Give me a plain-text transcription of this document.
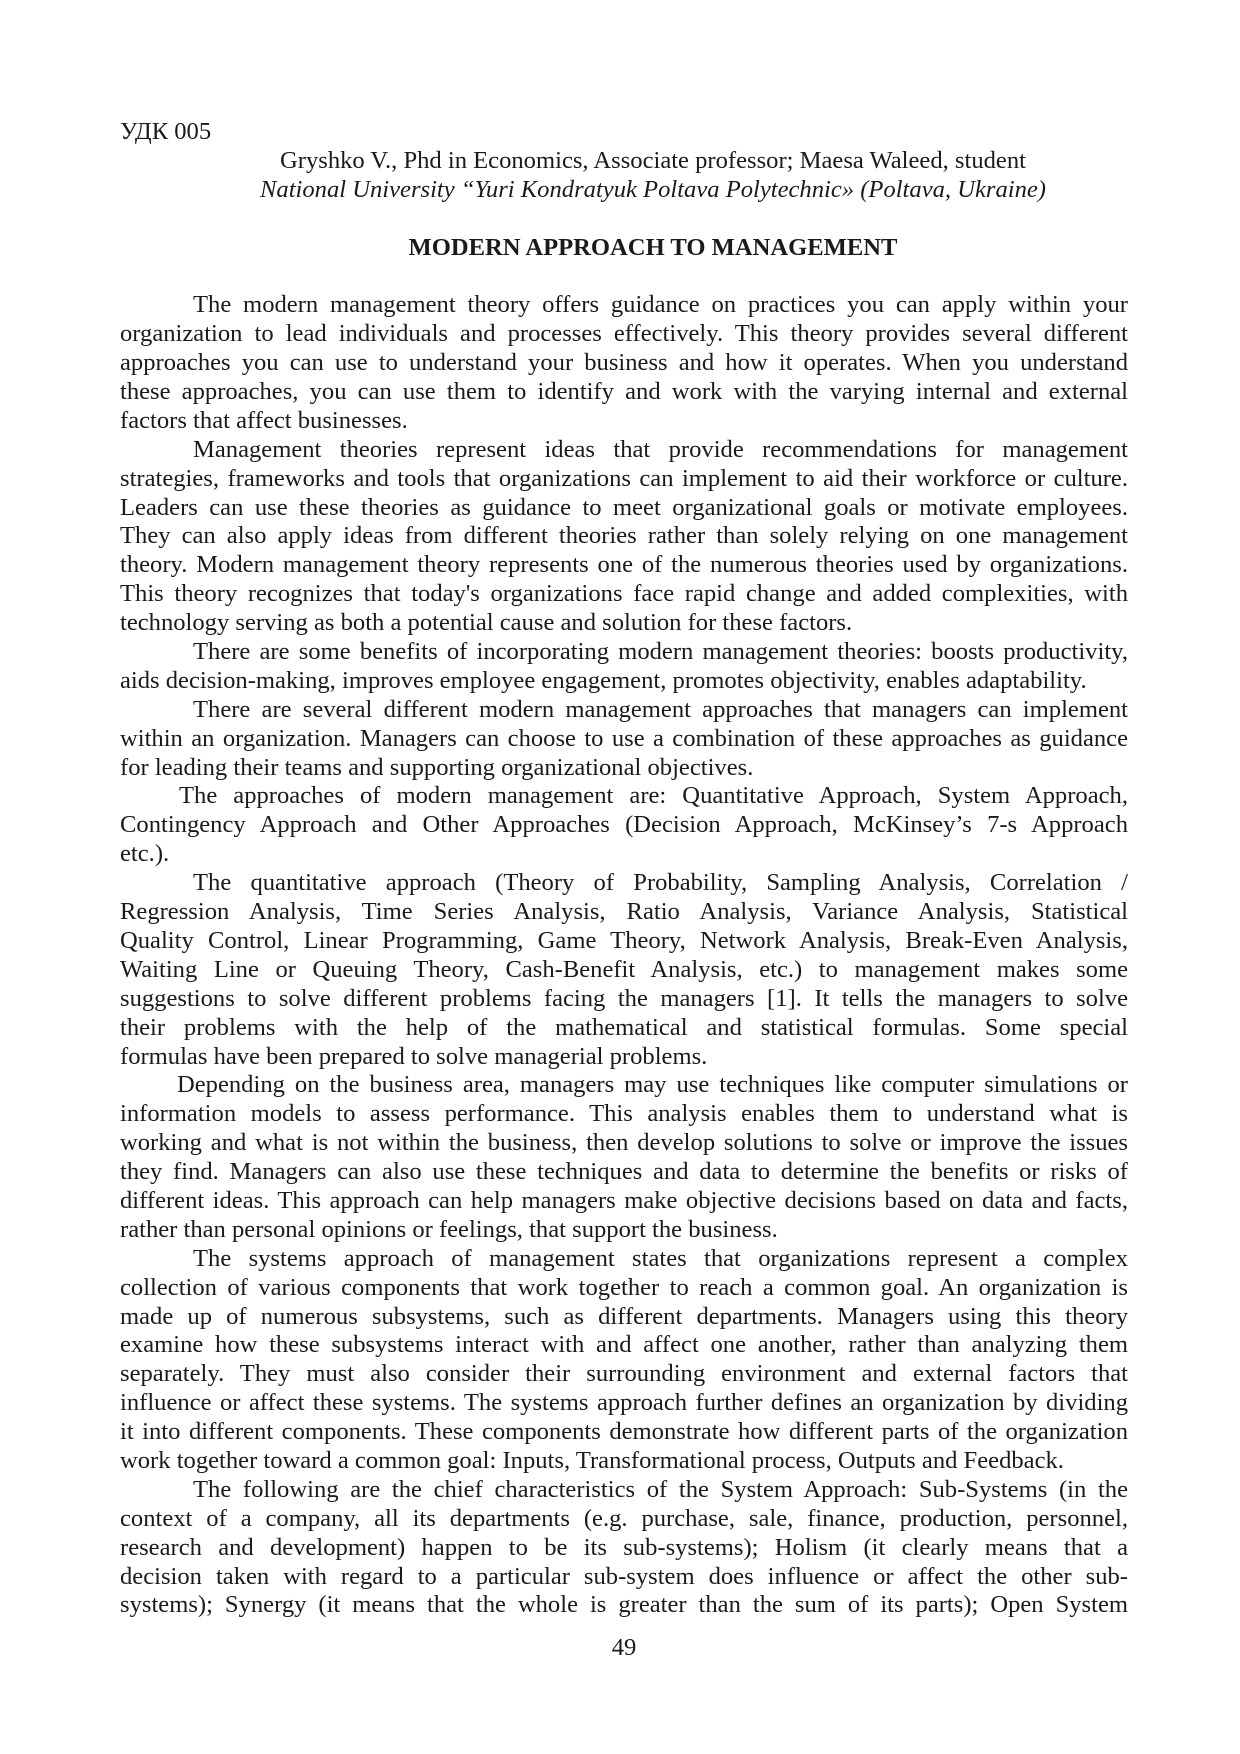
УДК 005
Gryshko V., Phd in Economics, Associate professor; Maesa Waleed, student
National University “Yuri Kondratyuk Poltava Polytechnic» (Poltava, Ukraine)
MODERN APPROACH TO MANAGEMENT
The modern management theory offers guidance on practices you can apply within your
organization to lead individuals and processes effectively. This theory provides several different
approaches you can use to understand your business and how it operates. When you understand
these approaches, you can use them to identify and work with the varying internal and external
factors that affect businesses.
Management theories represent ideas that provide recommendations for management
strategies, frameworks and tools that organizations can implement to aid their workforce or culture.
Leaders can use these theories as guidance to meet organizational goals or motivate employees.
They can also apply ideas from different theories rather than solely relying on one management
theory. Modern management theory represents one of the numerous theories used by organizations.
This theory recognizes that today's organizations face rapid change and added complexities, with
technology serving as both a potential cause and solution for these factors.
There are some benefits of incorporating modern management theories: boosts productivity,
aids decision-making, improves employee engagement, promotes objectivity, enables adaptability.
There are several different modern management approaches that managers can implement
within an organization. Managers can choose to use a combination of these approaches as guidance
for leading their teams and supporting organizational objectives.
The approaches of modern management are: Quantitative Approach, System Approach,
Contingency Approach and Other Approaches (Decision Approach, McKinsey’s 7-s Approach
etc.).
The quantitative approach (Theory of Probability, Sampling Analysis, Correlation /
Regression Analysis, Time Series Analysis, Ratio Analysis, Variance Analysis, Statistical
Quality Control, Linear Programming, Game Theory, Network Analysis, Break-Even Analysis,
Waiting Line or Queuing Theory, Cash-Benefit Analysis, etc.) to management makes some
suggestions to solve different problems facing the managers [1]. It tells the managers to solve
their problems with the help of the mathematical and statistical formulas. Some special
formulas have been prepared to solve managerial problems.
Depending on the business area, managers may use techniques like computer simulations or
information models to assess performance. This analysis enables them to understand what is
working and what is not within the business, then develop solutions to solve or improve the issues
they find. Managers can also use these techniques and data to determine the benefits or risks of
different ideas. This approach can help managers make objective decisions based on data and facts,
rather than personal opinions or feelings, that support the business.
The systems approach of management states that organizations represent a complex
collection of various components that work together to reach a common goal. An organization is
made up of numerous subsystems, such as different departments. Managers using this theory
examine how these subsystems interact with and affect one another, rather than analyzing them
separately. They must also consider their surrounding environment and external factors that
influence or affect these systems. The systems approach further defines an organization by dividing
it into different components. These components demonstrate how different parts of the organization
work together toward a common goal: Inputs, Transformational process, Outputs and Feedback.
The following are the chief characteristics of the System Approach: Sub-Systems (in the
context of a company, all its departments (e.g. purchase, sale, finance, production, personnel,
research and development) happen to be its sub-systems); Holism (it clearly means that a
decision taken with regard to a particular sub-system does influence or affect the other sub-
systems); Synergy (it means that the whole is greater than the sum of its parts); Open System
49
